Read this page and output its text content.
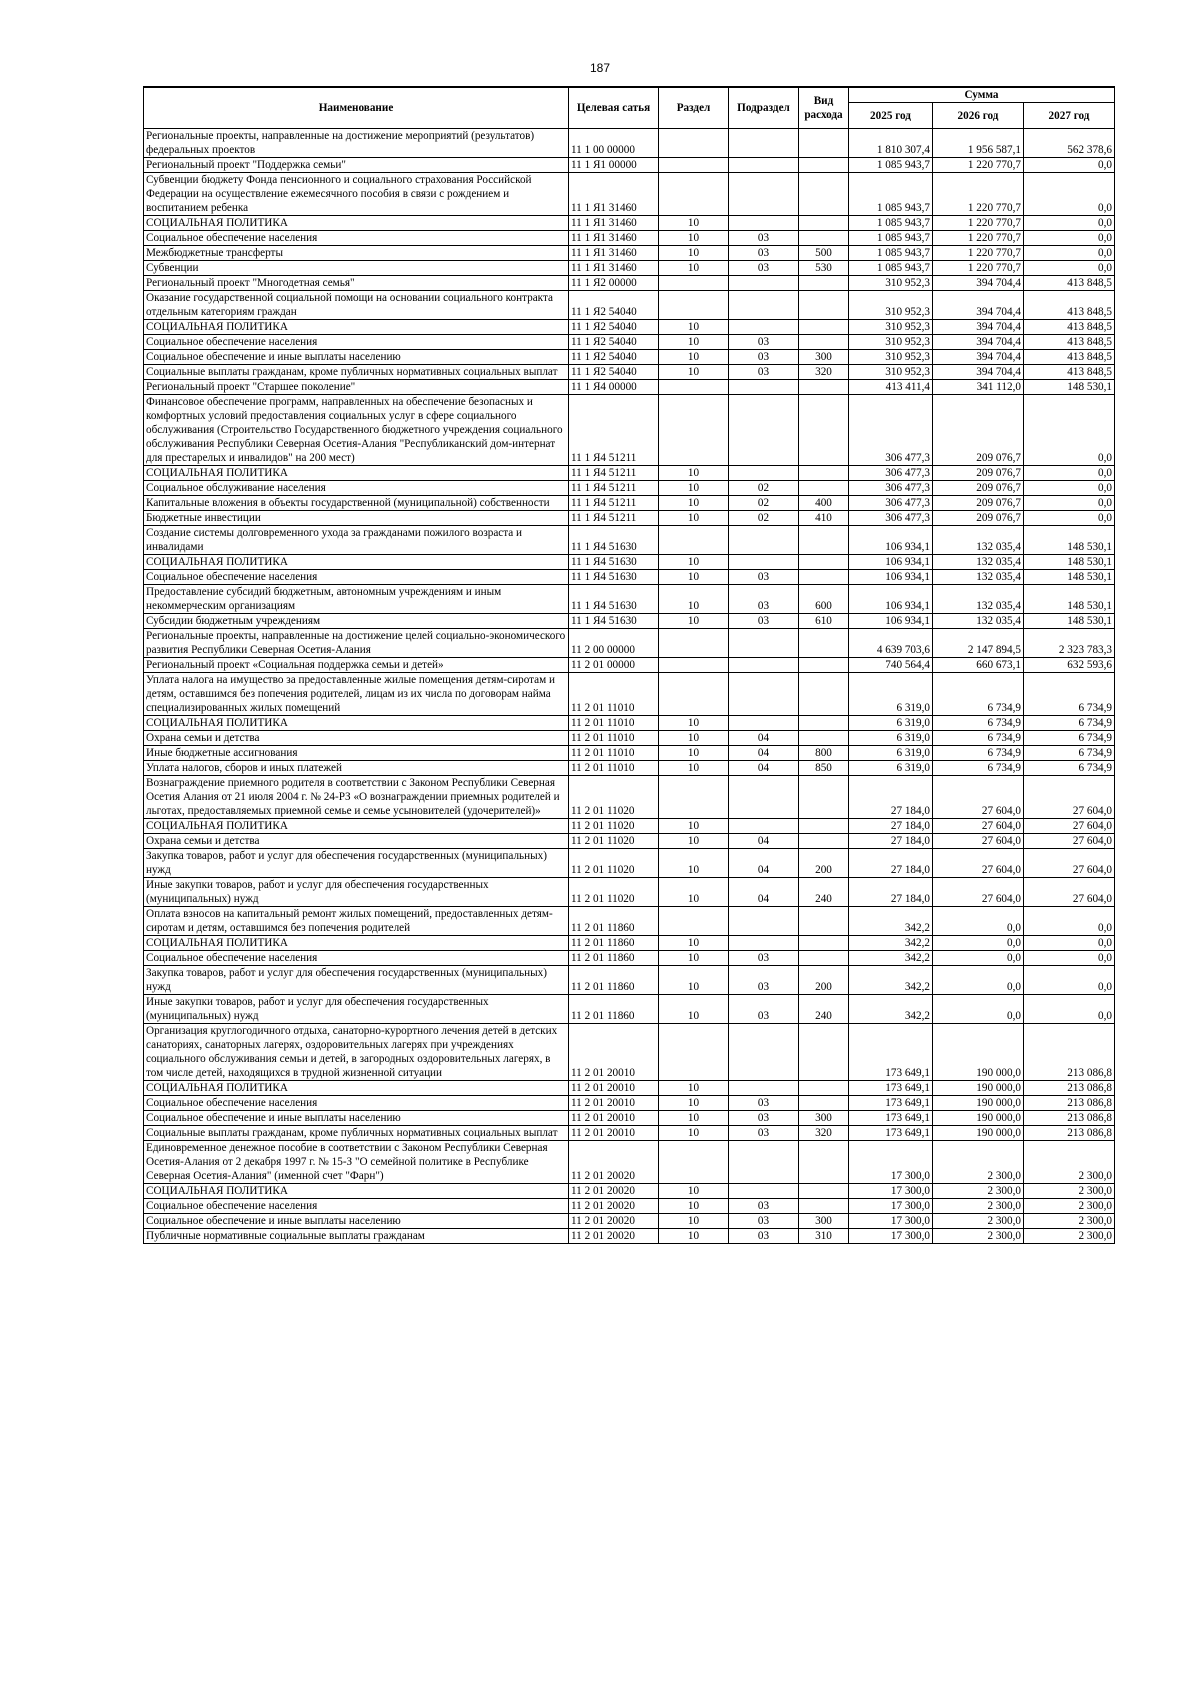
187
Наименование	Целевая сатья	Раздел	Подраздел	Вид расхода	Сумма		
					2025 год	2026 год	2027 год
Региональные проекты, направленные на достижение мероприятий (результатов) федеральных проектов	11 1 00 00000				1 810 307,4	1 956 587,1	562 378,6
Региональный проект "Поддержка семьи"	11 1 Я1 00000				1 085 943,7	1 220 770,7	0,0
Субвенции бюджету Фонда пенсионного и социального страхования Российской Федерации на осуществление ежемесячного пособия в связи с рождением и воспитанием ребенка	11 1 Я1 31460				1 085 943,7	1 220 770,7	0,0
СОЦИАЛЬНАЯ ПОЛИТИКА	11 1 Я1 31460	10			1 085 943,7	1 220 770,7	0,0
Социальное обеспечение населения	11 1 Я1 31460	10	03		1 085 943,7	1 220 770,7	0,0
Межбюджетные трансферты	11 1 Я1 31460	10	03	500	1 085 943,7	1 220 770,7	0,0
Субвенции	11 1 Я1 31460	10	03	530	1 085 943,7	1 220 770,7	0,0
Региональный проект "Многодетная семья"	11 1 Я2 00000				310 952,3	394 704,4	413 848,5
Оказание государственной социальной помощи на основании социального контракта отдельным категориям граждан	11 1 Я2 54040				310 952,3	394 704,4	413 848,5
СОЦИАЛЬНАЯ ПОЛИТИКА	11 1 Я2 54040	10			310 952,3	394 704,4	413 848,5
Социальное обеспечение населения	11 1 Я2 54040	10	03		310 952,3	394 704,4	413 848,5
Социальное обеспечение и иные выплаты населению	11 1 Я2 54040	10	03	300	310 952,3	394 704,4	413 848,5
Социальные выплаты гражданам, кроме публичных нормативных социальных выплат	11 1 Я2 54040	10	03	320	310 952,3	394 704,4	413 848,5
Региональный проект "Старшее поколение"	11 1 Я4 00000				413 411,4	341 112,0	148 530,1
Финансовое обеспечение программ, направленных на обеспечение безопасных и комфортных условий предоставления социальных услуг в сфере социального обслуживания (Строительство Государственного бюджетного учреждения социального обслуживания Республики Северная Осетия-Алания "Республиканский дом-интернат для престарелых и инвалидов" на 200 мест)	11 1 Я4 51211				306 477,3	209 076,7	0,0
СОЦИАЛЬНАЯ ПОЛИТИКА	11 1 Я4 51211	10			306 477,3	209 076,7	0,0
Социальное обслуживание населения	11 1 Я4 51211	10	02		306 477,3	209 076,7	0,0
Капитальные вложения в объекты государственной (муниципальной) собственности	11 1 Я4 51211	10	02	400	306 477,3	209 076,7	0,0
Бюджетные инвестиции	11 1 Я4 51211	10	02	410	306 477,3	209 076,7	0,0
Создание системы долговременного ухода за гражданами пожилого возраста и инвалидами	11 1 Я4 51630				106 934,1	132 035,4	148 530,1
СОЦИАЛЬНАЯ ПОЛИТИКА	11 1 Я4 51630	10			106 934,1	132 035,4	148 530,1
Социальное обеспечение населения	11 1 Я4 51630	10	03		106 934,1	132 035,4	148 530,1
Предоставление субсидий бюджетным, автономным учреждениям и иным некоммерческим организациям	11 1 Я4 51630	10	03	600	106 934,1	132 035,4	148 530,1
Субсидии бюджетным учреждениям	11 1 Я4 51630	10	03	610	106 934,1	132 035,4	148 530,1
Региональные проекты, направленные на достижение целей социально-экономического развития Республики Северная Осетия-Алания	11 2 00 00000				4 639 703,6	2 147 894,5	2 323 783,3
Региональный проект «Социальная поддержка семьи и детей»	11 2 01 00000				740 564,4	660 673,1	632 593,6
Уплата налога на имущество за предоставленные жилые помещения детям-сиротам и детям, оставшимся без попечения родителей, лицам из их числа по договорам найма специализированных жилых помещений	11 2 01 11010				6 319,0	6 734,9	6 734,9
СОЦИАЛЬНАЯ ПОЛИТИКА	11 2 01 11010	10			6 319,0	6 734,9	6 734,9
Охрана семьи и детства	11 2 01 11010	10	04		6 319,0	6 734,9	6 734,9
Иные бюджетные ассигнования	11 2 01 11010	10	04	800	6 319,0	6 734,9	6 734,9
Уплата налогов, сборов и иных платежей	11 2 01 11010	10	04	850	6 319,0	6 734,9	6 734,9
Вознаграждение приемного родителя в соответствии с Законом Республики Северная Осетия Алания от 21 июля 2004 г. № 24-РЗ «О вознаграждении приемных родителей и льготах, предоставляемых приемной семье и семье усыновителей (удочерителей)»	11 2 01 11020				27 184,0	27 604,0	27 604,0
СОЦИАЛЬНАЯ ПОЛИТИКА	11 2 01 11020	10			27 184,0	27 604,0	27 604,0
Охрана семьи и детства	11 2 01 11020	10	04		27 184,0	27 604,0	27 604,0
Закупка товаров, работ и услуг для обеспечения государственных (муниципальных) нужд	11 2 01 11020	10	04	200	27 184,0	27 604,0	27 604,0
Иные закупки товаров, работ и услуг для обеспечения государственных (муниципальных) нужд	11 2 01 11020	10	04	240	27 184,0	27 604,0	27 604,0
Оплата взносов на капитальный ремонт жилых помещений, предоставленных детям-сиротам и детям, оставшимся без попечения родителей	11 2 01 11860				342,2	0,0	0,0
СОЦИАЛЬНАЯ ПОЛИТИКА	11 2 01 11860	10			342,2	0,0	0,0
Социальное обеспечение населения	11 2 01 11860	10	03		342,2	0,0	0,0
Закупка товаров, работ и услуг для обеспечения государственных (муниципальных) нужд	11 2 01 11860	10	03	200	342,2	0,0	0,0
Иные закупки товаров, работ и услуг для обеспечения государственных (муниципальных) нужд	11 2 01 11860	10	03	240	342,2	0,0	0,0
Организация круглогодичного отдыха, санаторно-курортного лечения детей в детских санаториях, санаторных лагерях, оздоровительных лагерях при учреждениях социального обслуживания семьи и детей, в загородных оздоровительных лагерях, в том числе детей, находящихся в трудной жизненной ситуации	11 2 01 20010				173 649,1	190 000,0	213 086,8
СОЦИАЛЬНАЯ ПОЛИТИКА	11 2 01 20010	10			173 649,1	190 000,0	213 086,8
Социальное обеспечение населения	11 2 01 20010	10	03		173 649,1	190 000,0	213 086,8
Социальное обеспечение и иные выплаты населению	11 2 01 20010	10	03	300	173 649,1	190 000,0	213 086,8
Социальные выплаты гражданам, кроме публичных нормативных социальных выплат	11 2 01 20010	10	03	320	173 649,1	190 000,0	213 086,8
Единовременное денежное пособие в соответствии с Законом Республики Северная Осетия-Алания от 2 декабря 1997 г. № 15-З "О семейной политике в Республике Северная Осетия-Алания" (именной счет "Фарн")	11 2 01 20020				17 300,0	2 300,0	2 300,0
СОЦИАЛЬНАЯ ПОЛИТИКА	11 2 01 20020	10			17 300,0	2 300,0	2 300,0
Социальное обеспечение населения	11 2 01 20020	10	03		17 300,0	2 300,0	2 300,0
Социальное обеспечение и иные выплаты населению	11 2 01 20020	10	03	300	17 300,0	2 300,0	2 300,0
Публичные нормативные социальные выплаты гражданам	11 2 01 20020	10	03	310	17 300,0	2 300,0	2 300,0
